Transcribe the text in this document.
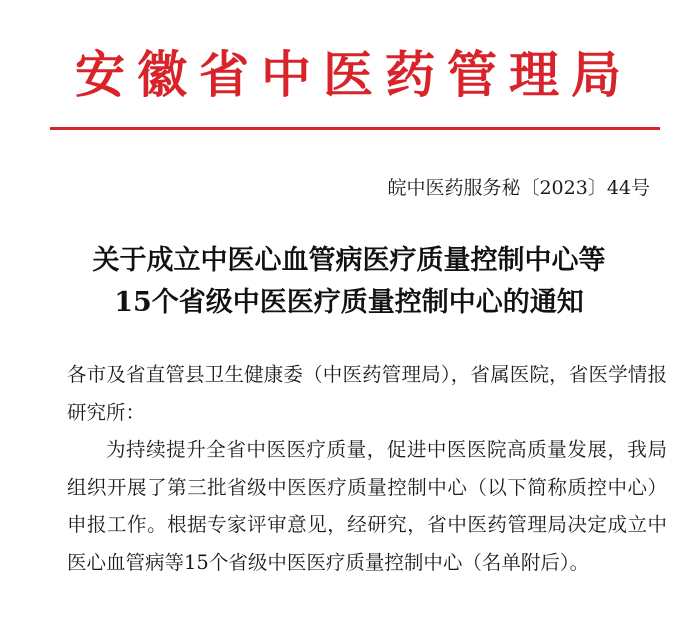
安徽省中医药管理局
皖中医药服务秘〔2023〕44号
关于成立中医心血管病医疗质量控制中心等
15个省级中医医疗质量控制中心的通知

各市及省直管县卫生健康委（中医药管理局），省属医院，省医学情报研究所：

为持续提升全省中医医疗质量，促进中医医院高质量发展，我局组织开展了第三批省级中医医疗质量控制中心（以下简称质控中心）申报工作。根据专家评审意见，经研究，省中医药管理局决定成立中医心血管病等15个省级中医医疗质量控制中心（名单附后）。
